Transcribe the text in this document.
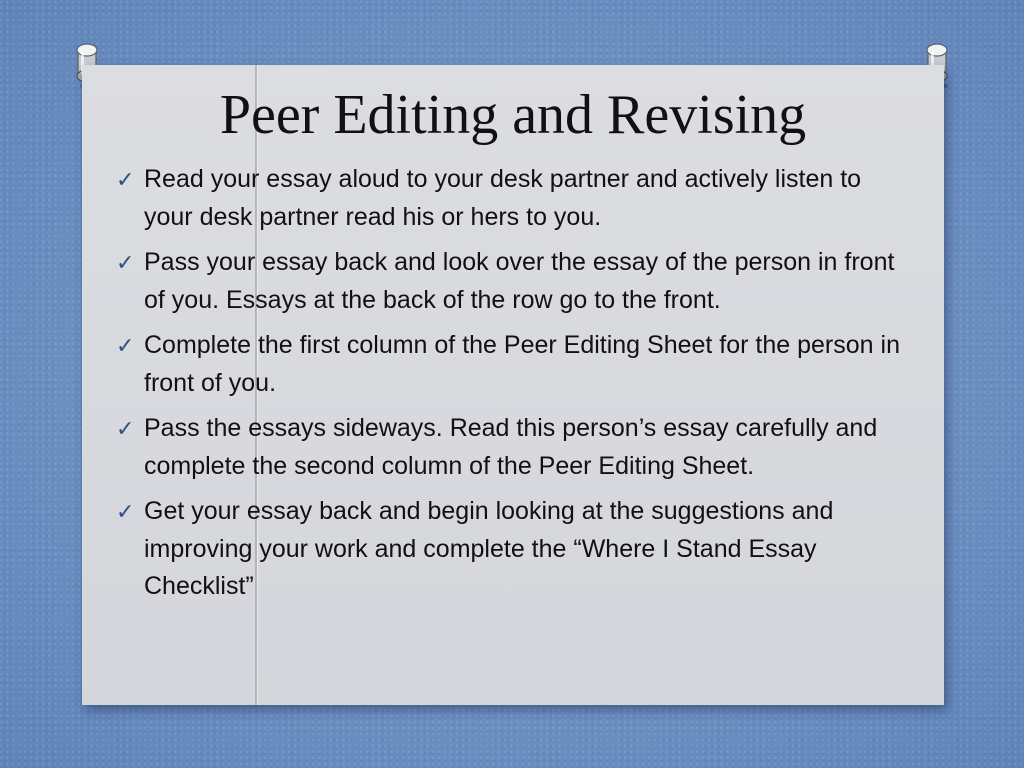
Peer Editing and Revising
✓ Read your essay aloud to your desk partner and actively listen to your desk partner read his or hers to you.
✓ Pass your essay back and look over the essay of the person in front of you. Essays at the back of the row go to the front.
✓ Complete the first column of the Peer Editing Sheet for the person in front of you.
✓ Pass the essays sideways. Read this person’s essay carefully and complete the second column of the Peer Editing Sheet.
✓ Get your essay back and begin looking at the suggestions and improving your work and complete the “Where I Stand Essay Checklist”
